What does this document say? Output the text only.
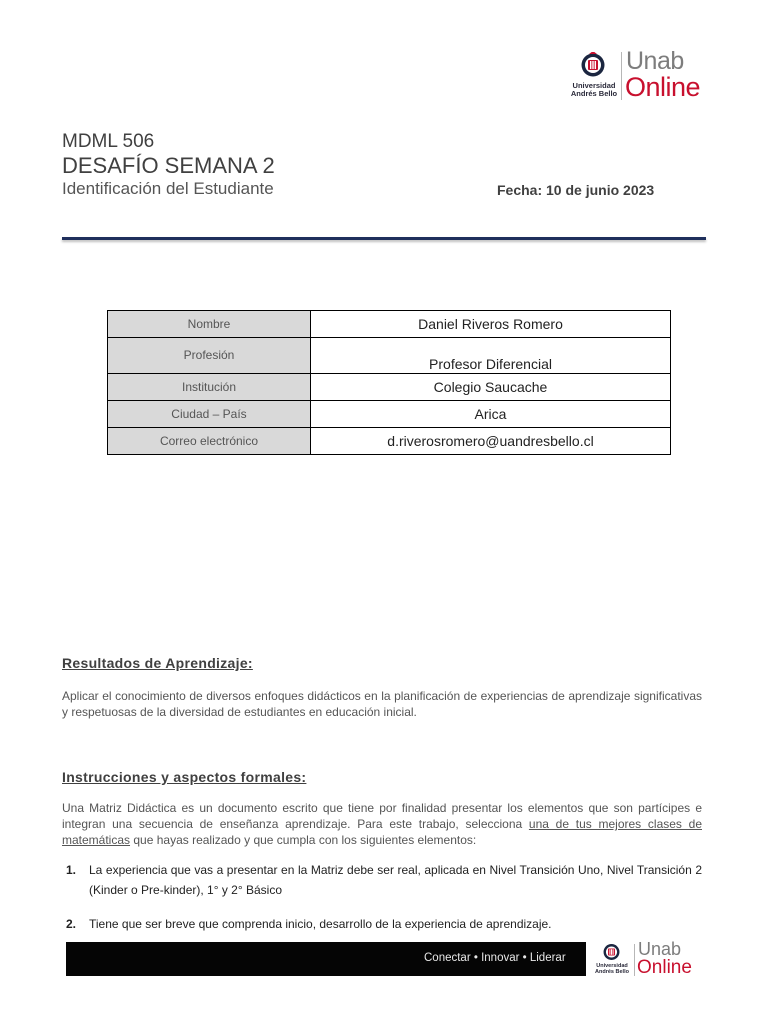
Universidad
Andrés Bello
Unab
Online
MDML 506
DESAFÍO SEMANA 2
Identificación del Estudiante	Fecha: 10 de junio 2023
Nombre	Daniel Riveros Romero
Profesión	Profesor Diferencial
Institución	Colegio Saucache
Ciudad – País	Arica
Correo electrónico	d.riverosromero@uandresbello.cl
Resultados de Aprendizaje:
Aplicar el conocimiento de diversos enfoques didácticos en la planificación de experiencias de aprendizaje significativas y respetuosas de la diversidad de estudiantes en educación inicial.
Instrucciones y aspectos formales:
Una Matriz Didáctica es un documento escrito que tiene por finalidad presentar los elementos que son partícipes e integran una secuencia de enseñanza aprendizaje. Para este trabajo, selecciona una de tus mejores clases de matemáticas que hayas realizado y que cumpla con los siguientes elementos:
1. La experiencia que vas a presentar en la Matriz debe ser real, aplicada en Nivel Transición Uno, Nivel Transición 2 (Kinder o Pre-kinder), 1° y 2° Básico
2. Tiene que ser breve que comprenda inicio, desarrollo de la experiencia de aprendizaje.
Conectar • Innovar • Liderar
Universidad
Andrés Bello
Unab
Online
